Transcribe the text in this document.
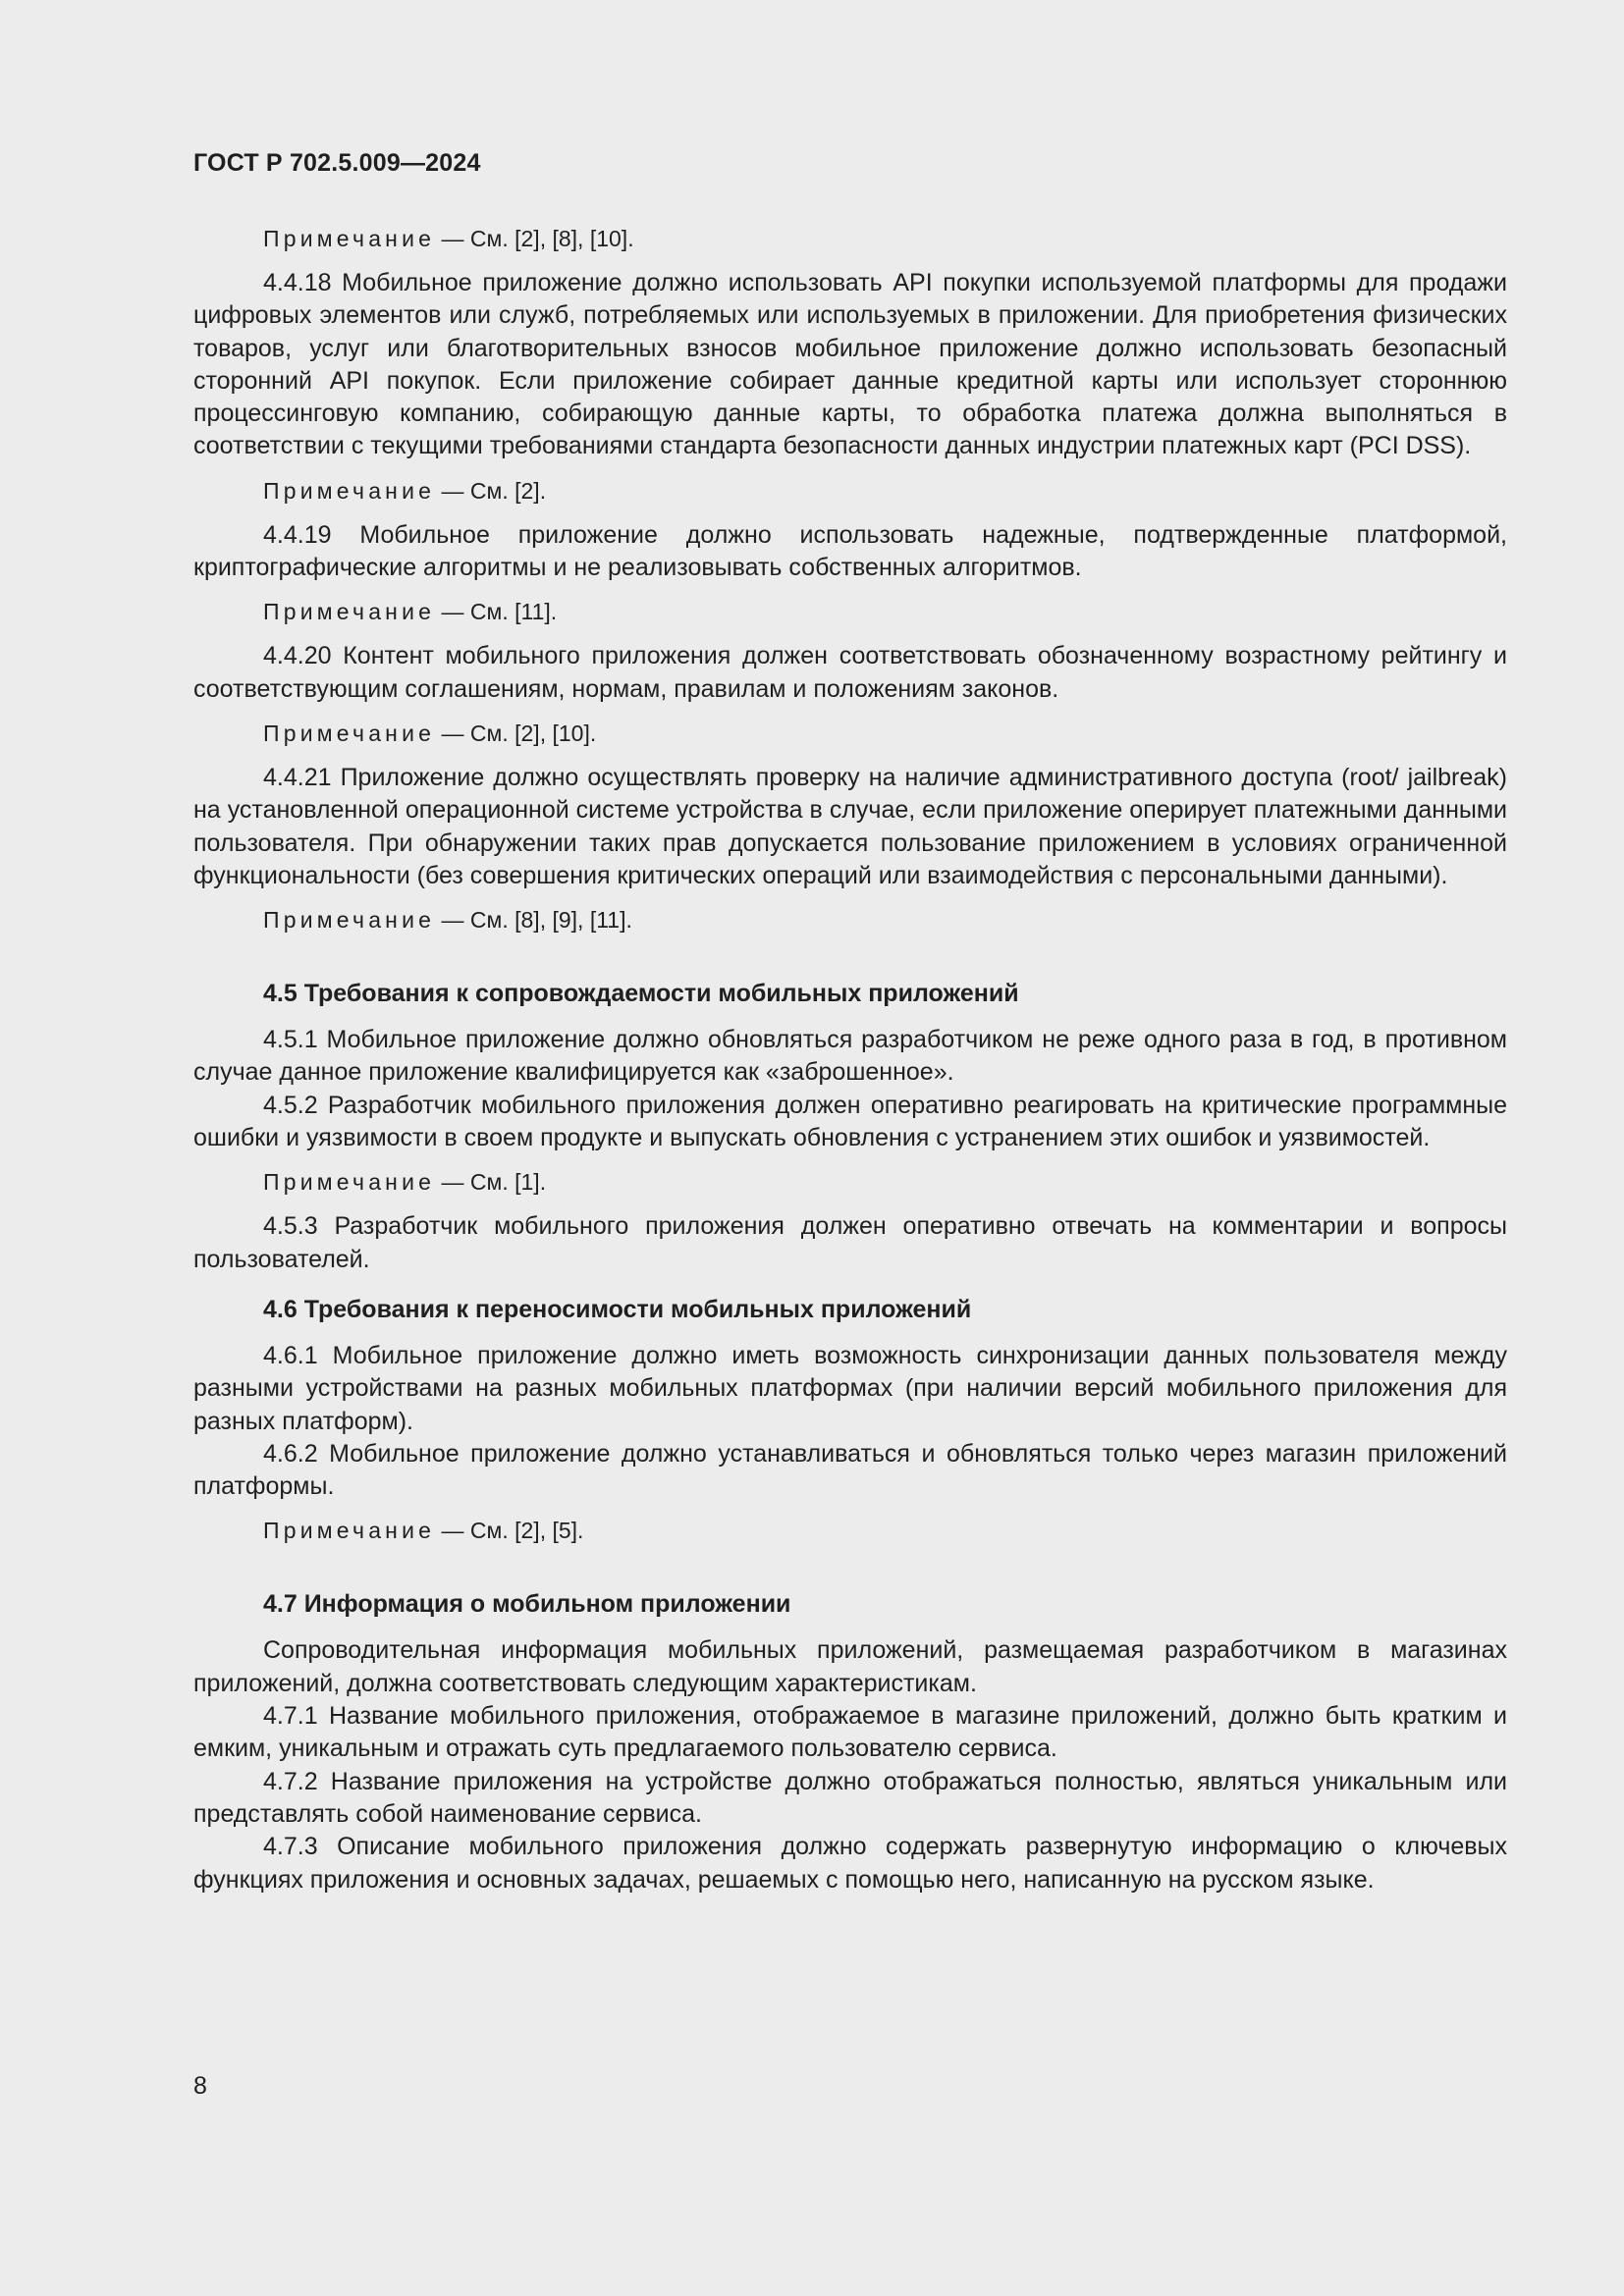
ГОСТ Р 702.5.009—2024

Примечание — См. [2], [8], [10].

4.4.18 Мобильное приложение должно использовать API покупки используемой платформы для продажи цифровых элементов или служб, потребляемых или используемых в приложении. Для приобретения физических товаров, услуг или благотворительных взносов мобильное приложение должно использовать безопасный сторонний API покупок. Если приложение собирает данные кредитной карты или использует стороннюю процессинговую компанию, собирающую данные карты, то обработка платежа должна выполняться в соответствии с текущими требованиями стандарта безопасности данных индустрии платежных карт (PCI DSS).

Примечание — См. [2].

4.4.19 Мобильное приложение должно использовать надежные, подтвержденные платформой, криптографические алгоритмы и не реализовывать собственных алгоритмов.

Примечание — См. [11].

4.4.20 Контент мобильного приложения должен соответствовать обозначенному возрастному рейтингу и соответствующим соглашениям, нормам, правилам и положениям законов.

Примечание — См. [2], [10].

4.4.21 Приложение должно осуществлять проверку на наличие административного доступа (root/ jailbreak) на установленной операционной системе устройства в случае, если приложение оперирует платежными данными пользователя. При обнаружении таких прав допускается пользование приложением в условиях ограниченной функциональности (без совершения критических операций или взаимодействия с персональными данными).

Примечание — См. [8], [9], [11].

4.5 Требования к сопровождаемости мобильных приложений

4.5.1 Мобильное приложение должно обновляться разработчиком не реже одного раза в год, в противном случае данное приложение квалифицируется как «заброшенное».

4.5.2 Разработчик мобильного приложения должен оперативно реагировать на критические программные ошибки и уязвимости в своем продукте и выпускать обновления с устранением этих ошибок и уязвимостей.

Примечание — См. [1].

4.5.3 Разработчик мобильного приложения должен оперативно отвечать на комментарии и вопросы пользователей.

4.6 Требования к переносимости мобильных приложений

4.6.1 Мобильное приложение должно иметь возможность синхронизации данных пользователя между разными устройствами на разных мобильных платформах (при наличии версий мобильного приложения для разных платформ).

4.6.2 Мобильное приложение должно устанавливаться и обновляться только через магазин приложений платформы.

Примечание — См. [2], [5].

4.7 Информация о мобильном приложении

Сопроводительная информация мобильных приложений, размещаемая разработчиком в магазинах приложений, должна соответствовать следующим характеристикам.

4.7.1 Название мобильного приложения, отображаемое в магазине приложений, должно быть кратким и емким, уникальным и отражать суть предлагаемого пользователю сервиса.

4.7.2 Название приложения на устройстве должно отображаться полностью, являться уникальным или представлять собой наименование сервиса.

4.7.3 Описание мобильного приложения должно содержать развернутую информацию о ключевых функциях приложения и основных задачах, решаемых с помощью него, написанную на русском языке.

8
